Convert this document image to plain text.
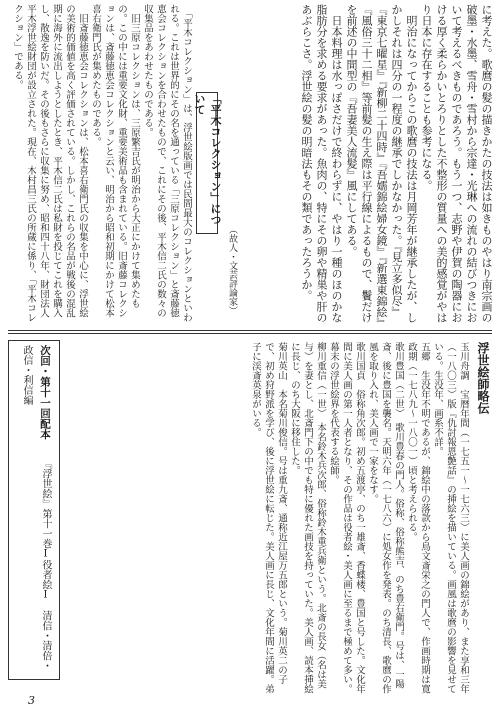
に考えた。歌麿の髪の描きかたの技法は如きものやはり南宗画の破墨・水墨、雪舟・雪村から宗達・光琳への流れの結びつきにおいて考えるべきものであろう。もう一つ、志野や伊賀の陶器における厚く柔らかいとろりとした不整形の質量への美的感覚がやはり日本に存在することも参考になる。
　明治になってからこの歌麿の技法は月岡芳年が継承したが、しかしそれは四分の一程度の継承でしかなかった。『見立多似尽』『東京七曜星』『新柳二十四時』『吾嬬錦絵婦女鏡』『新選東錦絵』『風俗三十二相』等前髪の生え際は平行線によるもので、鬢だけを前述の中間型の『吾妻美人流髪』風にしてある。
　日本料理は水っぽさだけで終わらずに、やはり一種のほのかな脂肪分を求める要求があった。魚肉の、特にその卵や精巣や肝のあぶらこさ。浮世絵の髪の明暗法もその類であったろうか。
（故人・文芸評論家）
「平木コレクション」について
　「平木コレクション」は、浮世絵版画では民間最大のコレクションといわれる。これは世界的にその名を通っている「三原コレクション」と斎藤徳恵会コレクションを合わせたもので、これにその後、平木信二氏の数々の収集品をあわせたものである。
　旧三原コレクションは、三原繁吉氏が明治から大正にかけて集めたもの。この中には重要文化財、重要美術品も含まれている。旧斎藤コレクションは、斎藤徳恵会コレクションと云い、明治から昭和初期にかけて松本喜右衛門氏が集めたものである。
　旧斎藤徳恵会コレクションは、松本喜右衛門氏の収集を中心に、浮世絵の美術的価値を高く評価されている。しかし、これらの名品が戦後の混乱期に海外に流出しようとしたとき、平木信二氏は私財を投じてこれを購入し、散逸を防いだ。その後もさらに収集に努め、昭和四十八年、財団法人平木浮世絵財団が設立された。現在、木村昌三氏の所蔵に係り、「平木コレクション」である。
浮世絵師略伝
玉川舟調　宝暦年間（一七五一〜一七六三）に美人画の錦絵があり、また享和三年（一八〇三）版『仇討報恩艶話』の挿絵を描いている。画風は歌麿の影響を見せている。生没年、画系不詳。
五郷　生没年不明であるが、錦絵中の落款から鳥文斎栄之の門人で、作画時期は寛政期（一七八九〜一八〇一）頃と考えられる。
歌川豊国（二世）　歌川豊春の門人。俗称、俗称熊吉、のち豊右衛門。号は、一陽斎、後に豊国を襲名。天明六年（一七八六）に処女作を発表。のち清長、歌麿の作風を取り入れ、美人画で一家をなす。
歌川国貞　俗称角次郎。初め五渡亭、のち一雄斎、香蝶楼、豊国と号した。文化年間に美人画の第一人者となり、その作品は役者絵・美人画に至るまで極めて多い。幕末の浮世絵界を代表する絵師。
柳川重信（一世）　本名鈴木兵次郎、俗称鈴木重兵衛という。北斎の長女（名は美与）を妻とし、北斎門下の中でも特に優れた画技を持っていた。美人画、読本挿絵に長じ、のち大阪に移住した。
菊川英山　本名菊川俊信。号は重九斎、通称近江屋万五郎という。菊川英二の子で、初め狩野派を学び、後に浮世絵に転じた。美人画に長じ、文化年間に活躍。弟子に渓斎英泉がいる。
次回・第十一回配本 『浮世絵』第十一巻Ⅰ役者絵Ⅰ　清信・清倍・政信・利信編
3
